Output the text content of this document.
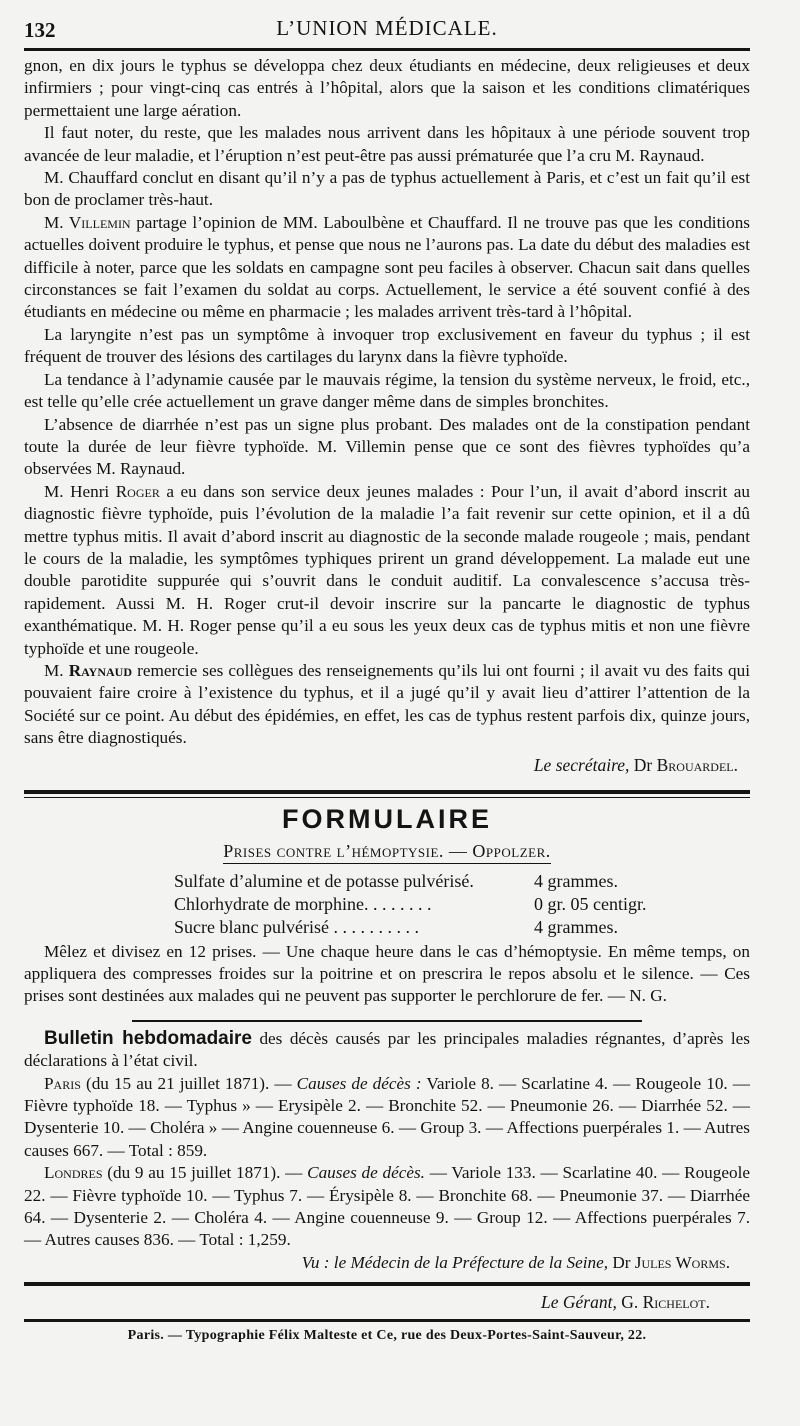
132	L’UNION MÉDICALE.

gnon, en dix jours le typhus se développa chez deux étudiants en médecine, deux religieuses et deux infirmiers ; pour vingt-cinq cas entrés à l’hôpital, alors que la saison et les conditions climatériques permettaient une large aération.

Il faut noter, du reste, que les malades nous arrivent dans les hôpitaux à une période souvent trop avancée de leur maladie, et l’éruption n’est peut-être pas aussi prématurée que l’a cru M. Raynaud.

M. Chauffard conclut en disant qu’il n’y a pas de typhus actuellement à Paris, et c’est un fait qu’il est bon de proclamer très-haut.

M. Villemin partage l’opinion de MM. Laboulbène et Chauffard. Il ne trouve pas que les conditions actuelles doivent produire le typhus, et pense que nous ne l’aurons pas. La date du début des maladies est difficile à noter, parce que les soldats en campagne sont peu faciles à observer. Chacun sait dans quelles circonstances se fait l’examen du soldat au corps. Actuellement, le service a été souvent confié à des étudiants en médecine ou même en pharmacie ; les malades arrivent très-tard à l’hôpital.

La laryngite n’est pas un symptôme à invoquer trop exclusivement en faveur du typhus ; il est fréquent de trouver des lésions des cartilages du larynx dans la fièvre typhoïde.

La tendance à l’adynamie causée par le mauvais régime, la tension du système nerveux, le froid, etc., est telle qu’elle crée actuellement un grave danger même dans de simples bronchites.

L’absence de diarrhée n’est pas un signe plus probant. Des malades ont de la constipation pendant toute la durée de leur fièvre typhoïde. M. Villemin pense que ce sont des fièvres typhoïdes qu’a observées M. Raynaud.

M. Henri Roger a eu dans son service deux jeunes malades : Pour l’un, il avait d’abord inscrit au diagnostic fièvre typhoïde, puis l’évolution de la maladie l’a fait revenir sur cette opinion, et il a dû mettre typhus mitis. Il avait d’abord inscrit au diagnostic de la seconde malade rougeole ; mais, pendant le cours de la maladie, les symptômes typhiques prirent un grand développement. La malade eut une double parotidite suppurée qui s’ouvrit dans le conduit auditif. La convalescence s’accusa très-rapidement. Aussi M. H. Roger crut-il devoir inscrire sur la pancarte le diagnostic de typhus exanthématique. M. H. Roger pense qu’il a eu sous les yeux deux cas de typhus mitis et non une fièvre typhoïde et une rougeole.

M. Raynaud remercie ses collègues des renseignements qu’ils lui ont fourni ; il avait vu des faits qui pouvaient faire croire à l’existence du typhus, et il a jugé qu’il y avait lieu d’attirer l’attention de la Société sur ce point. Au début des épidémies, en effet, les cas de typhus restent parfois dix, quinze jours, sans être diagnostiqués.

Le secrétaire, Dr Brouardel.
FORMULAIRE
Prises contre l’hémoptysie. — Oppolzer.
Sulfate d’alumine et de potasse pulvérisé.	4 grammes.
Chlorhydrate de morphine. . . . . . . .	0 gr. 05 centigr.
Sucre blanc pulvérisé . . . . . . . . . .	4 grammes.

Mêlez et divisez en 12 prises. — Une chaque heure dans le cas d’hémoptysie. En même temps, on appliquera des compresses froides sur la poitrine et on prescrira le repos absolu et le silence. — Ces prises sont destinées aux malades qui ne peuvent pas supporter le perchlorure de fer. — N. G.

Bulletin hebdomadaire des décès causés par les principales maladies régnantes, d’après les déclarations à l’état civil.

Paris (du 15 au 21 juillet 1871). — Causes de décès : Variole 8. — Scarlatine 4. — Rougeole 10. — Fièvre typhoïde 18. — Typhus » — Erysipèle 2. — Bronchite 52. — Pneumonie 26. — Diarrhée 52. — Dysenterie 10. — Choléra » — Angine couenneuse 6. — Group 3. — Affections puerpérales 1. — Autres causes 667. — Total : 859.

Londres (du 9 au 15 juillet 1871). — Causes de décès. — Variole 133. — Scarlatine 40. — Rougeole 22. — Fièvre typhoïde 10. — Typhus 7. — Érysipèle 8. — Bronchite 68. — Pneumonie 37. — Diarrhée 64. — Dysenterie 2. — Choléra 4. — Angine couenneuse 9. — Group 12. — Affections puerpérales 7. — Autres causes 836. — Total : 1,259.

Vu : le Médecin de la Préfecture de la Seine, Dr Jules Worms.

Le Gérant, G. Richelot.
Paris. — Typographie Félix Malteste et Ce, rue des Deux-Portes-Saint-Sauveur, 22.
